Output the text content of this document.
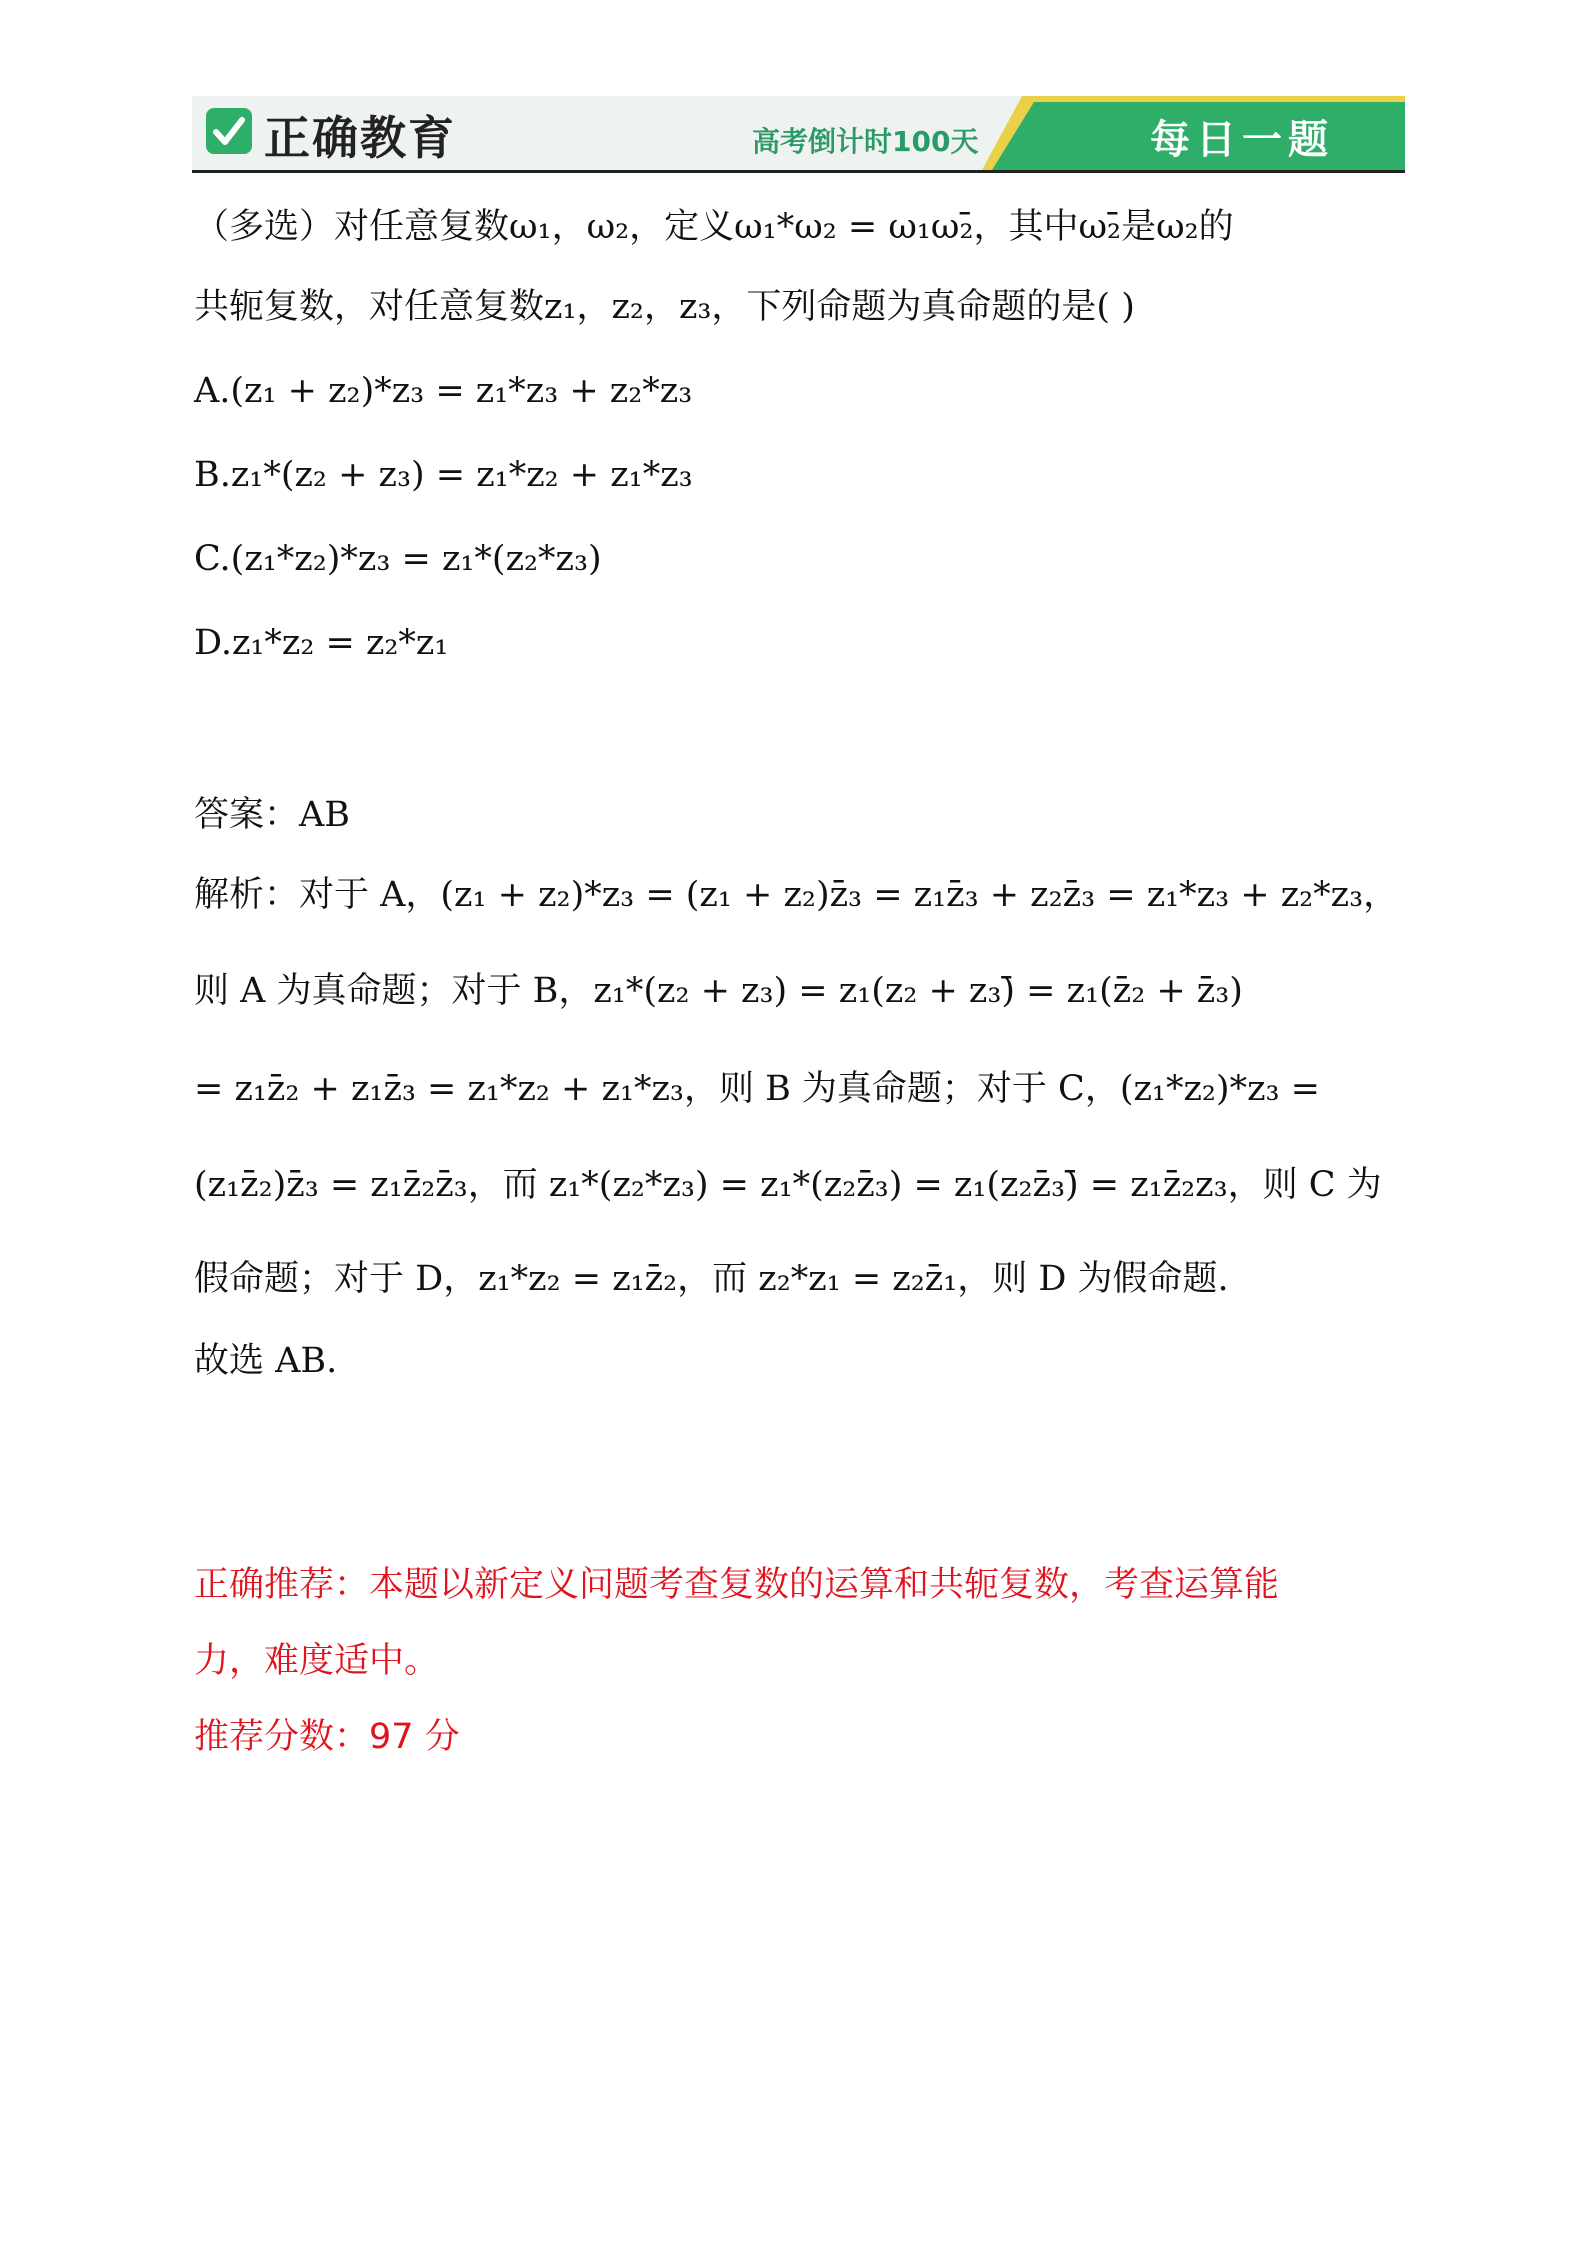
正确教育	高考倒计时100天	每日一题
（多选）对任意复数ω₁，ω₂，定义ω₁*ω₂ = ω₁ω₂̄，其中ω₂̄是ω₂的
共轭复数，对任意复数z₁，z₂，z₃，下列命题为真命题的是( )
A.(z₁ + z₂)*z₃ = z₁*z₃ + z₂*z₃
B.z₁*(z₂ + z₃) = z₁*z₂ + z₁*z₃
C.(z₁*z₂)*z₃ = z₁*(z₂*z₃)
D.z₁*z₂ = z₂*z₁
答案：AB
解析：对于 A，(z₁ + z₂)*z₃ = (z₁ + z₂)z̄₃ = z₁z̄₃ + z₂z̄₃ = z₁*z₃ + z₂*z₃，
则 A 为真命题；对于 B，z₁*(z₂ + z₃) = z₁(z₂ + z₃)̄ = z₁(z̄₂ + z̄₃)
= z₁z̄₂ + z₁z̄₃ = z₁*z₂ + z₁*z₃，则 B 为真命题；对于 C，(z₁*z₂)*z₃ =
(z₁z̄₂)z̄₃ = z₁z̄₂z̄₃，而 z₁*(z₂*z₃) = z₁*(z₂z̄₃) = z₁(z₂z̄₃)̄ = z₁z̄₂z₃，则 C 为
假命题；对于 D，z₁*z₂ = z₁z̄₂，而 z₂*z₁ = z₂z̄₁，则 D 为假命题.
故选 AB.
正确推荐：本题以新定义问题考查复数的运算和共轭复数，考查运算能
力，难度适中。
推荐分数：97 分
